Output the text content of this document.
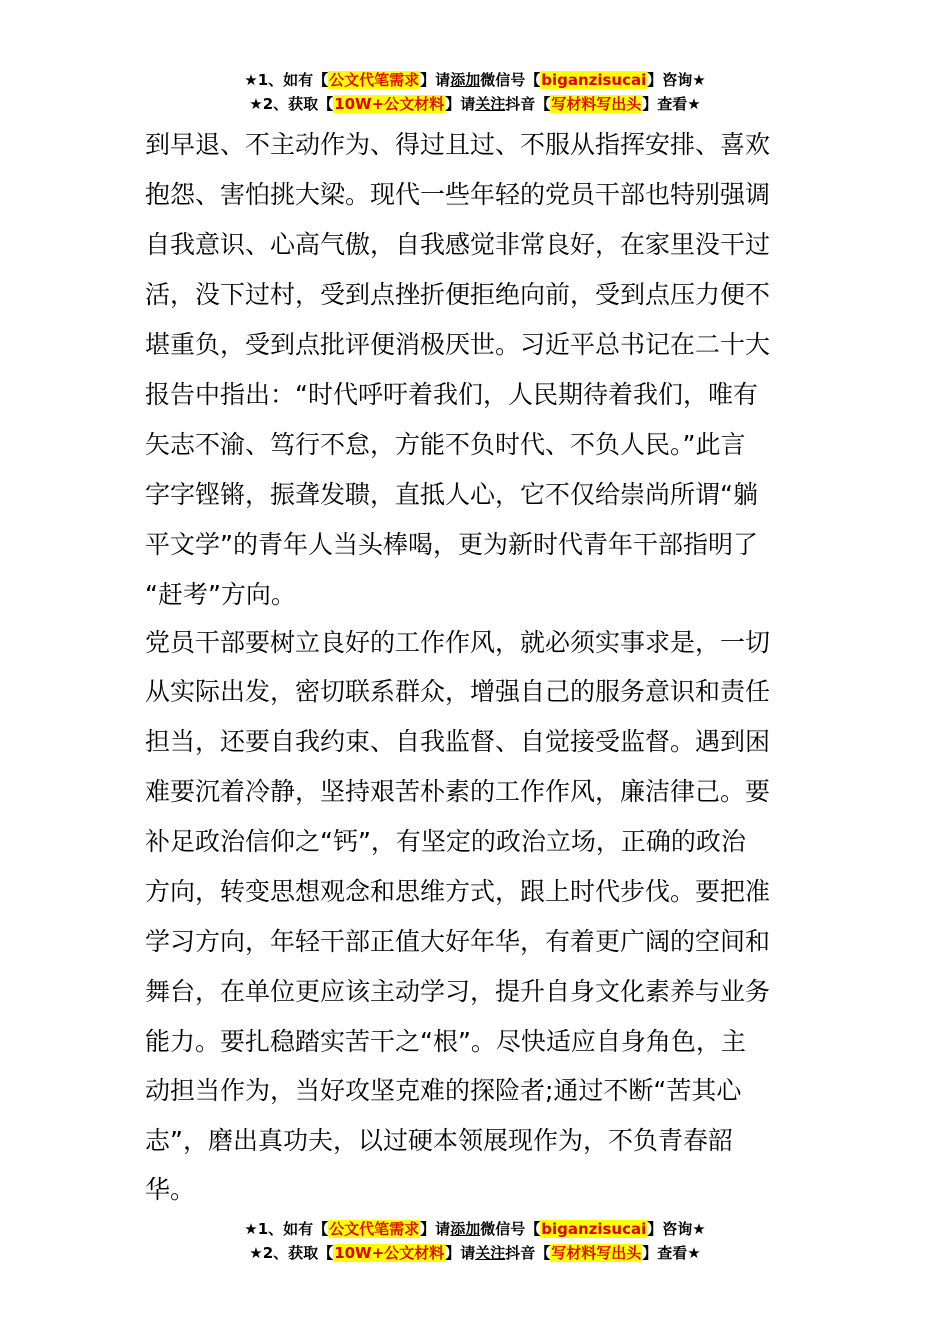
★1、如有【公文代笔需求】请添加微信号【biganzisucai】咨询★
★2、获取【10W+公文材料】请关注抖音【写材料写出头】查看★
到早退、不主动作为、得过且过、不服从指挥安排、喜欢
抱怨、害怕挑大梁。现代一些年轻的党员干部也特别强调
自我意识、心高气傲，自我感觉非常良好，在家里没干过
活，没下过村，受到点挫折便拒绝向前，受到点压力便不
堪重负，受到点批评便消极厌世。习近平总书记在二十大
报告中指出：“时代呼吁着我们，人民期待着我们，唯有
矢志不渝、笃行不怠，方能不负时代、不负人民。”此言
字字铿锵，振聋发聩，直抵人心，它不仅给崇尚所谓“躺
平文学”的青年人当头棒喝，更为新时代青年干部指明了
“赶考”方向。
党员干部要树立良好的工作作风，就必须实事求是，一切
从实际出发，密切联系群众，增强自己的服务意识和责任
担当，还要自我约束、自我监督、自觉接受监督。遇到困
难要沉着冷静，坚持艰苦朴素的工作作风，廉洁律己。要
补足政治信仰之“钙”，有坚定的政治立场，正确的政治
方向，转变思想观念和思维方式，跟上时代步伐。要把准
学习方向，年轻干部正值大好年华，有着更广阔的空间和
舞台，在单位更应该主动学习，提升自身文化素养与业务
能力。要扎稳踏实苦干之“根”。尽快适应自身角色，主
动担当作为，当好攻坚克难的探险者;通过不断“苦其心
志”，磨出真功夫，以过硬本领展现作为，不负青春韶
华。
★1、如有【公文代笔需求】请添加微信号【biganzisucai】咨询★
★2、获取【10W+公文材料】请关注抖音【写材料写出头】查看★
